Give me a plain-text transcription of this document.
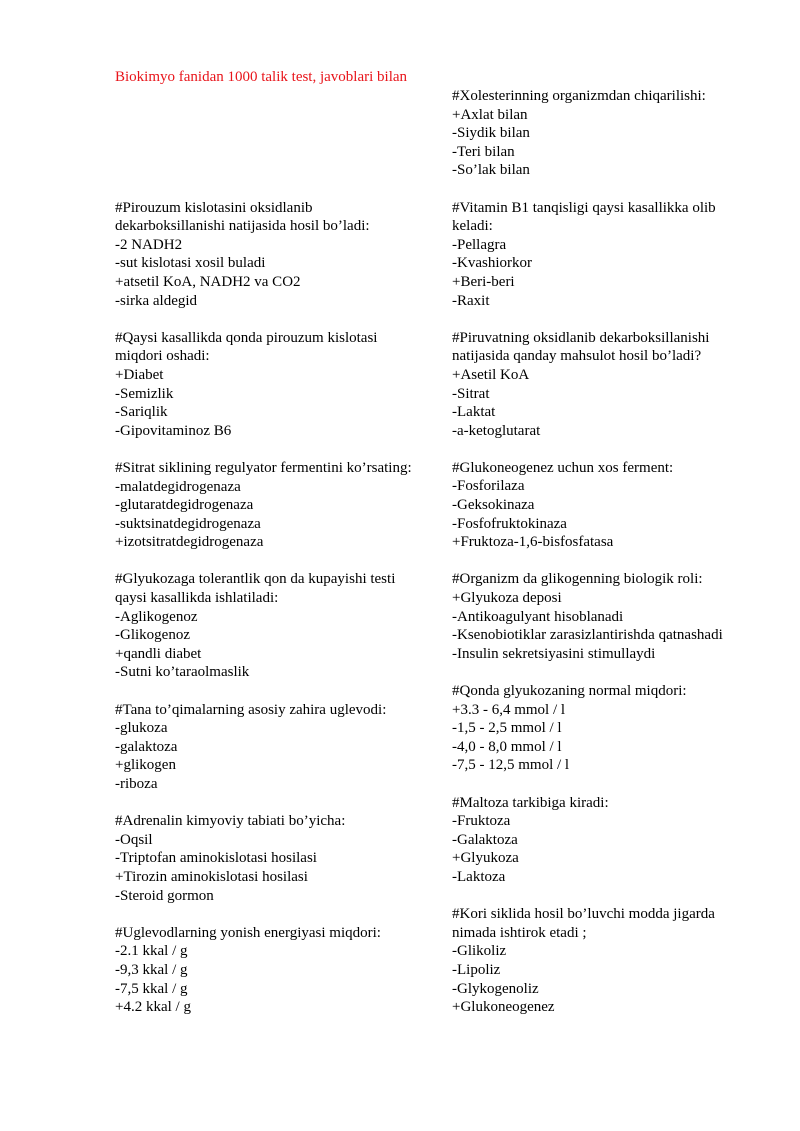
Biokimyo fanidan 1000 talik test, javoblari bilan

#Pirouzum kislotasini oksidlanib dekarboksillanishi natijasida hosil bo’ladi:

-2 NADH2

-sut kislotasi xosil buladi

+atsetil KoA, NADH2 va CO2

-sirka aldegid

#Qaysi kasallikda qonda pirouzum kislotasi miqdori oshadi:

+Diabet

-Semizlik

-Sariqlik

-Gipovitaminoz B6

#Sitrat siklining regulyator fermentini ko’rsating:

-malatdegidrogenaza

-glutaratdegidrogenaza

-suktsinatdegidrogenaza

+izotsitratdegidrogenaza

#Glyukozaga tolerantlik qon da kupayishi testi qaysi kasallikda ishlatiladi:

-Aglikogenoz

-Glikogenoz

+qandli diabet

-Sutni ko’taraolmaslik

#Tana to’qimalarning asosiy zahira uglevodi:

-glukoza

-galaktoza

+glikogen

-riboza

#Adrenalin kimyoviy tabiati bo’yicha:

-Oqsil

-Triptofan aminokislotasi hosilasi

+Tirozin aminokislotasi hosilasi

-Steroid gormon

#Uglevodlarning yonish energiyasi miqdori:

-2.1 kkal / g

-9,3 kkal / g

-7,5 kkal / g

+4.2 kkal / g

#Xolesterinning organizmdan chiqarilishi:

+Axlat bilan

-Siydik bilan

-Teri bilan

-So’lak bilan

#Vitamin B1 tanqisligi qaysi kasallikka olib keladi:

-Pellagra

-Kvashiorkor

+Beri-beri

-Raxit

#Piruvatning oksidlanib dekarboksillanishi natijasida qanday mahsulot hosil bo’ladi?

+Asetil KoA

-Sitrat

-Laktat

-a-ketoglutarat

#Glukoneogenez uchun xos ferment:

-Fosforilaza

-Geksokinaza

-Fosfofruktokinaza

+Fruktoza-1,6-bisfosfatasa

#Organizm da glikogenning biologik roli:

+Glyukoza deposi

-Antikoagulyant hisoblanadi

-Ksenobiotiklar zarasizlantirishda qatnashadi

-Insulin sekretsiyasini stimullaydi

#Qonda glyukozaning normal miqdori:

+3.3 - 6,4 mmol / l

-1,5 - 2,5 mmol / l

-4,0 - 8,0 mmol / l

-7,5 - 12,5 mmol / l

#Maltoza tarkibiga kiradi:

-Fruktoza

-Galaktoza

+Glyukoza

-Laktoza

#Kori siklida hosil bo’luvchi modda jigarda nimada ishtirok etadi ;

-Glikoliz

-Lipoliz

-Glykogenoliz

+Glukoneogenez
